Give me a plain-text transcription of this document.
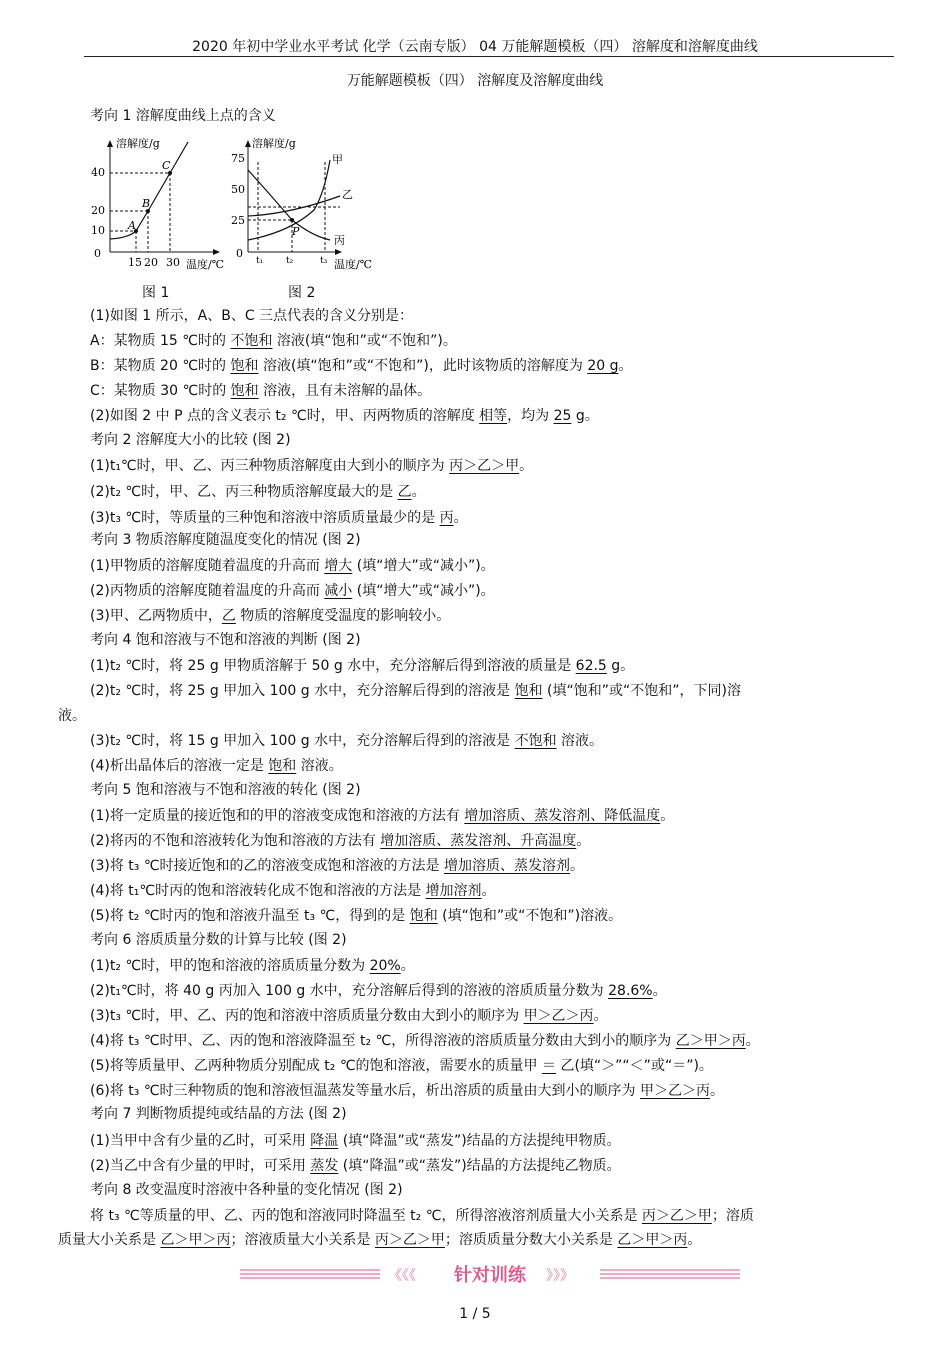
2020 年初中学业水平考试 化学（云南专版） 04 万能解题模板（四） 溶解度和溶解度曲线
万能解题模板（四） 溶解度及溶解度曲线
考向 1 溶解度曲线上点的含义
溶解度/g
40
20
10
0
15 20 30 温度/℃
A
B
C
图 1
溶解度/g
75
50
25
0
t₁	t₂	t₃ 温度/℃
甲
乙
丙
P
图 2
(1)如图 1 所示，A、B、C 三点代表的含义分别是：
A：某物质 15 ℃时的 不饱和 溶液(填“饱和”或“不饱和”)。
B：某物质 20 ℃时的 饱和 溶液(填“饱和”或“不饱和”)，此时该物质的溶解度为 20 g。
C：某物质 30 ℃时的 饱和 溶液，且有未溶解的晶体。
(2)如图 2 中 P 点的含义表示 t₂ ℃时，甲、丙两物质的溶解度 相等，均为 25 g。
考向 2 溶解度大小的比较 (图 2)
(1)t₁℃时，甲、乙、丙三种物质溶解度由大到小的顺序为 丙＞乙＞甲。
(2)t₂ ℃时，甲、乙、丙三种物质溶解度最大的是 乙。
(3)t₃ ℃时，等质量的三种饱和溶液中溶质质量最少的是 丙。
考向 3 物质溶解度随温度变化的情况 (图 2)
(1)甲物质的溶解度随着温度的升高而 增大 (填“增大”或“减小”)。
(2)丙物质的溶解度随着温度的升高而 减小 (填“增大”或“减小”)。
(3)甲、乙两物质中，乙 物质的溶解度受温度的影响较小。
考向 4 饱和溶液与不饱和溶液的判断 (图 2)
(1)t₂ ℃时，将 25 g 甲物质溶解于 50 g 水中，充分溶解后得到溶液的质量是 62.5 g。
(2)t₂ ℃时，将 25 g 甲加入 100 g 水中，充分溶解后得到的溶液是 饱和 (填“饱和”或“不饱和”，下同)溶
液。
(3)t₂ ℃时，将 15 g 甲加入 100 g 水中，充分溶解后得到的溶液是 不饱和 溶液。
(4)析出晶体后的溶液一定是 饱和 溶液。
考向 5 饱和溶液与不饱和溶液的转化 (图 2)
(1)将一定质量的接近饱和的甲的溶液变成饱和溶液的方法有 增加溶质、蒸发溶剂、降低温度。
(2)将丙的不饱和溶液转化为饱和溶液的方法有 增加溶质、蒸发溶剂、升高温度。
(3)将 t₃ ℃时接近饱和的乙的溶液变成饱和溶液的方法是 增加溶质、蒸发溶剂。
(4)将 t₁℃时丙的饱和溶液转化成不饱和溶液的方法是 增加溶剂。
(5)将 t₂ ℃时丙的饱和溶液升温至 t₃ ℃，得到的是 饱和 (填“饱和”或“不饱和”)溶液。
考向 6 溶质质量分数的计算与比较 (图 2)
(1)t₂ ℃时，甲的饱和溶液的溶质质量分数为 20%。
(2)t₁℃时，将 40 g 丙加入 100 g 水中，充分溶解后得到的溶液的溶质质量分数为 28.6%。
(3)t₃ ℃时，甲、乙、丙的饱和溶液中溶质质量分数由大到小的顺序为 甲＞乙＞丙。
(4)将 t₃ ℃时甲、乙、丙的饱和溶液降温至 t₂ ℃，所得溶液的溶质质量分数由大到小的顺序为 乙＞甲＞丙。
(5)将等质量甲、乙两种物质分别配成 t₂ ℃的饱和溶液，需要水的质量甲 ＝ 乙(填“＞”“＜”或“＝”)。
(6)将 t₃ ℃时三种物质的饱和溶液恒温蒸发等量水后，析出溶质的质量由大到小的顺序为 甲＞乙＞丙。
考向 7 判断物质提纯或结晶的方法 (图 2)
(1)当甲中含有少量的乙时，可采用 降温 (填“降温”或“蒸发”)结晶的方法提纯甲物质。
(2)当乙中含有少量的甲时，可采用 蒸发 (填“降温”或“蒸发”)结晶的方法提纯乙物质。
考向 8 改变温度时溶液中各种量的变化情况 (图 2)
将 t₃ ℃等质量的甲、乙、丙的饱和溶液同时降温至 t₂ ℃，所得溶液溶剂质量大小关系是 丙＞乙＞甲；溶质
质量大小关系是 乙＞甲＞丙；溶液质量大小关系是 丙＞乙＞甲；溶质质量分数大小关系是 乙＞甲＞丙。
《《《	》》》
针对训练
1 / 5
